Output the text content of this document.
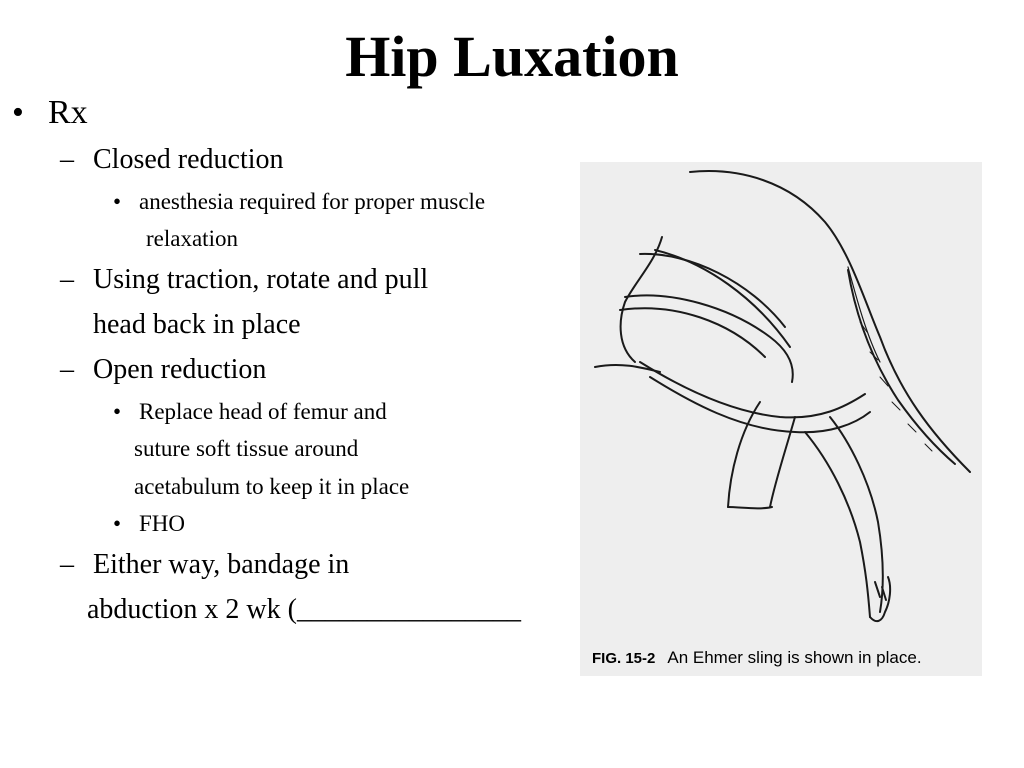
Hip Luxation
• Rx
– Closed reduction
• anesthesia required for proper muscle
relaxation
– Using traction, rotate and pull
head back in place
– Open reduction
• Replace head of femur and
suture soft tissue around
acetabulum to keep it in place
• FHO
– Either way, bandage in
abduction x 2 wk (________________
FIG. 15-2 An Ehmer sling is shown in place.
